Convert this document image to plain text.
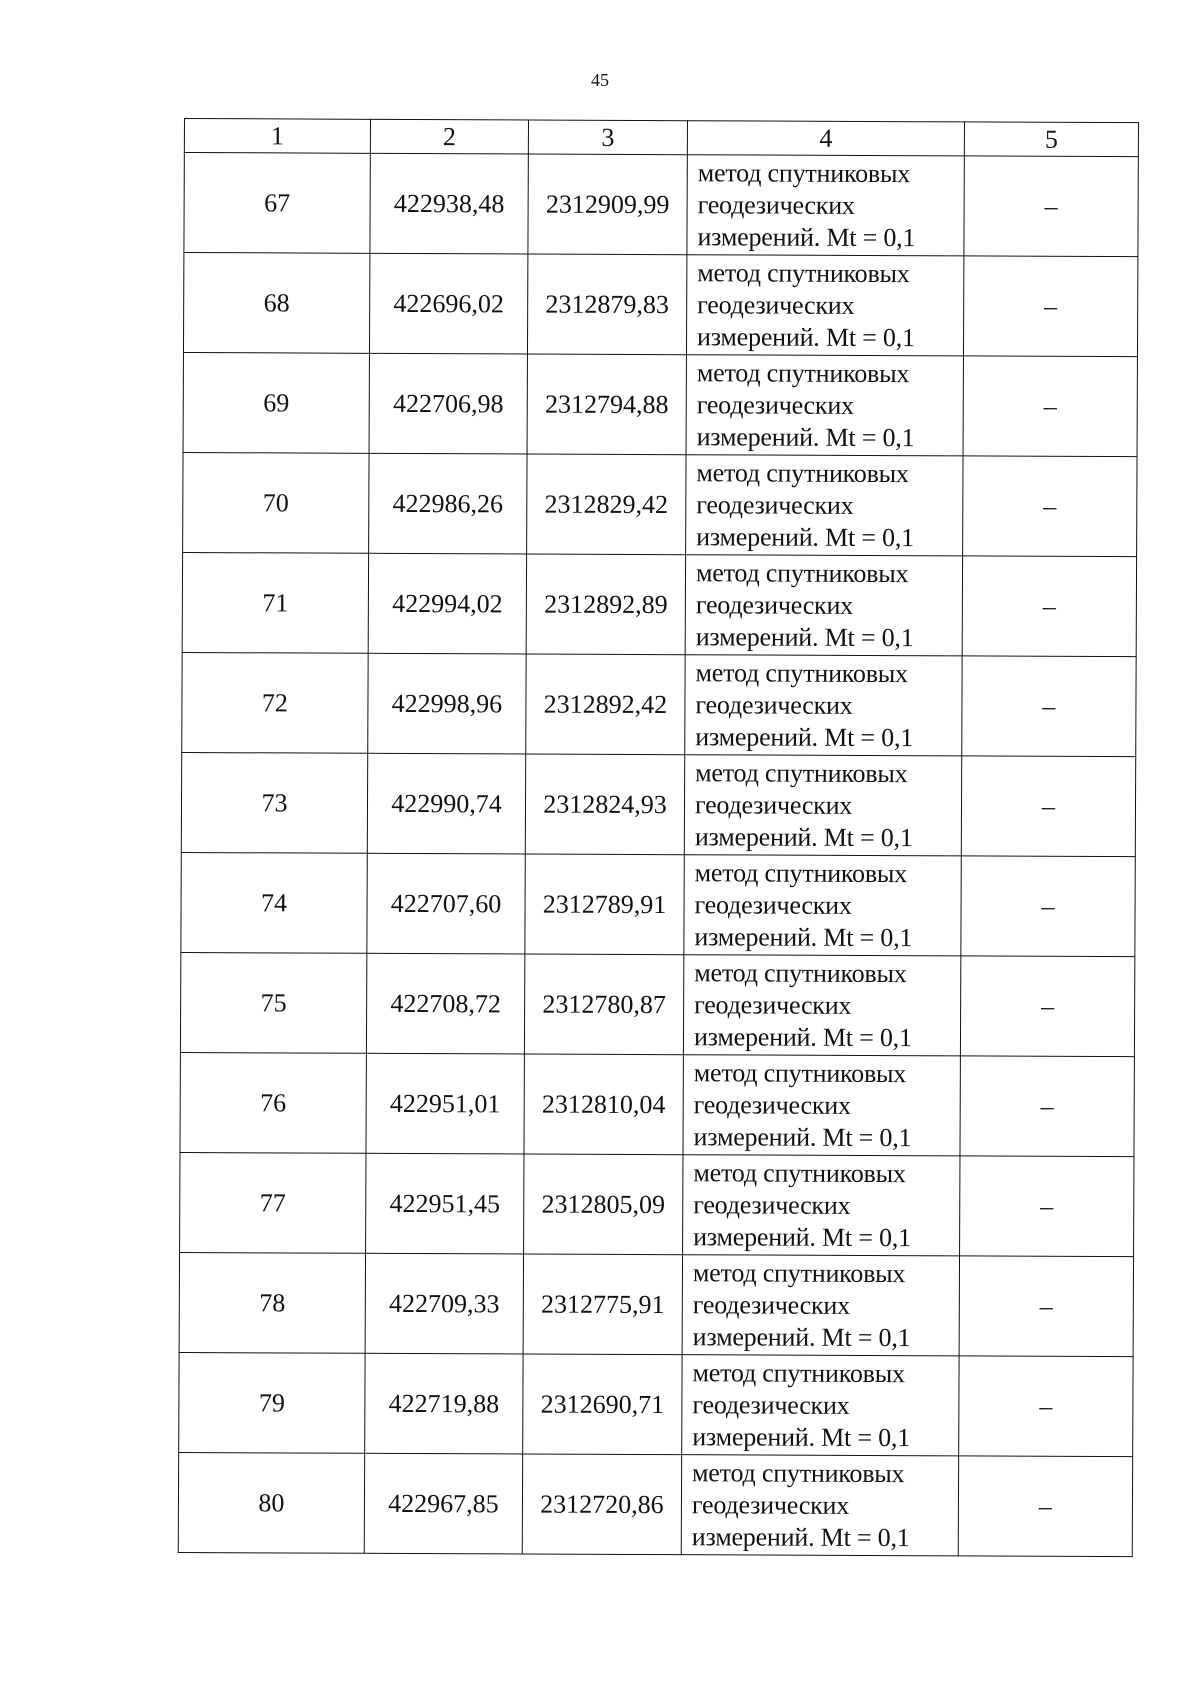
45
1	2	3	4	5
67	422938,48	2312909,99	метод спутниковых
геодезических
измерений. Mt = 0,1	–
68	422696,02	2312879,83	метод спутниковых
геодезических
измерений. Mt = 0,1	–
69	422706,98	2312794,88	метод спутниковых
геодезических
измерений. Mt = 0,1	–
70	422986,26	2312829,42	метод спутниковых
геодезических
измерений. Mt = 0,1	–
71	422994,02	2312892,89	метод спутниковых
геодезических
измерений. Mt = 0,1	–
72	422998,96	2312892,42	метод спутниковых
геодезических
измерений. Mt = 0,1	–
73	422990,74	2312824,93	метод спутниковых
геодезических
измерений. Mt = 0,1	–
74	422707,60	2312789,91	метод спутниковых
геодезических
измерений. Mt = 0,1	–
75	422708,72	2312780,87	метод спутниковых
геодезических
измерений. Mt = 0,1	–
76	422951,01	2312810,04	метод спутниковых
геодезических
измерений. Mt = 0,1	–
77	422951,45	2312805,09	метод спутниковых
геодезических
измерений. Mt = 0,1	–
78	422709,33	2312775,91	метод спутниковых
геодезических
измерений. Mt = 0,1	–
79	422719,88	2312690,71	метод спутниковых
геодезических
измерений. Mt = 0,1	–
80	422967,85	2312720,86	метод спутниковых
геодезических
измерений. Mt = 0,1	–
